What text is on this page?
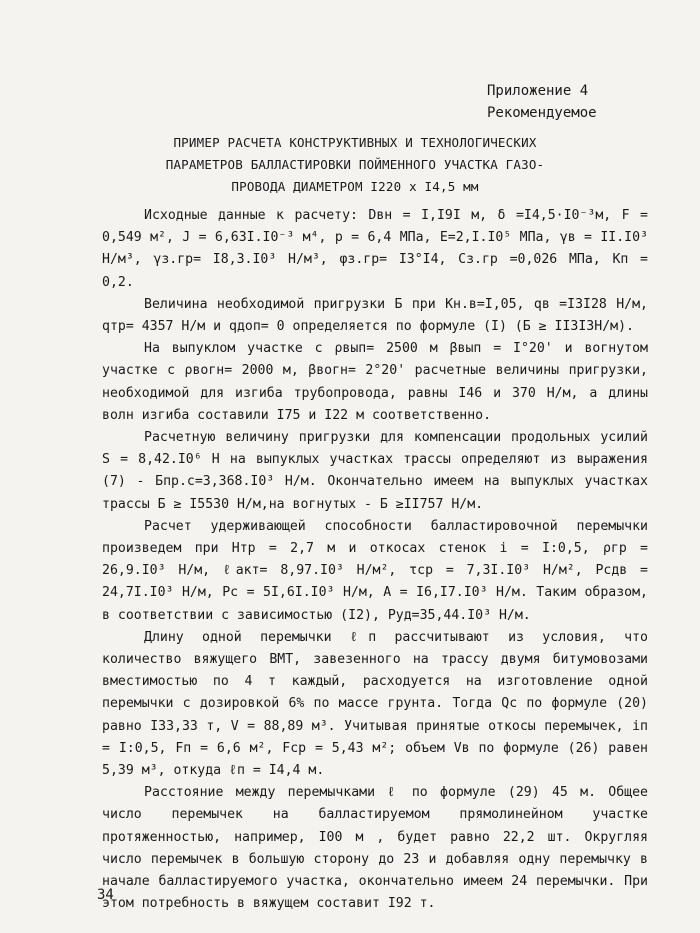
Приложение 4
Рекомендуемое
ПРИМЕР РАСЧЕТА КОНСТРУКТИВНЫХ И ТЕХНОЛОГИЧЕСКИХ
ПАРАМЕТРОВ БАЛЛАСТИРОВКИ ПОЙМЕННОГО УЧАСТКА ГАЗО-
ПРОВОДА ДИАМЕТРОМ I220 x I4,5 мм

Исходные данные к расчету: Dвн = I,I9I м, δ =I4,5·I0⁻³м, F = 0,549 м², J = 6,63I.I0⁻³ м⁴, p = 6,4 МПа, E=2,I.I0⁵ МПа, γв = II.I0³ Н/м³, γз.гр= I8,3.I0³ Н/м³, φз.гр= I3°I4, Cз.гр =0,026 МПа, Kп = 0,2.

Величина необходимой пригрузки Б при Кн.в=I,05, qв =I3I28 Н/м, qтр= 4357 Н/м и qдоп= 0 определяется по формуле (I) (Б ≥ II3I3Н/м).

На выпуклом участке с ρвып= 2500 м βвып = I°20' и вогнутом участке с ρвогн= 2000 м, βвогн= 2°20' расчетные величины пригрузки, необходимой для изгиба трубопровода, равны I46 и 370 Н/м, а длины волн изгиба составили I75 и I22 м соответственно.

Расчетную величину пригрузки для компенсации продольных усилий S = 8,42.I0⁶ Н на выпуклых участках трассы определяют из выражения (7) - Бпр.с=3,368.I0³ Н/м. Окончательно имеем на выпуклых участках трассы Б ≥ I5530 Н/м,на вогнутых - Б ≥II757 Н/м.

Расчет удерживающей способности балластировочной перемычки произведем при Hтр = 2,7 м и откосах стенок i = I:0,5, ρгр = 26,9.I0³ Н/м, ℓакт= 8,97.I0³ Н/м², τср = 7,3I.I0³ Н/м², Pсдв = 24,7I.I0³ Н/м, Pc = 5I,6I.I0³ Н/м, A = I6,I7.I0³ Н/м. Таким образом, в соответствии с зависимостью (I2), Pуд=35,44.I0³ Н/м.

Длину одной перемычки ℓп рассчитывают из условия, что количество вяжущего ВМТ, завезенного на трассу двумя битумовозами вместимостью по 4 т каждый, расходуется на изготовление одной перемычки с дозировкой 6% по массе грунта. Тогда Qc по формуле (20) равно I33,33 т, V = 88,89 м³. Учитывая принятые откосы перемычек, iп = I:0,5, Fп = 6,6 м², Fср = 5,43 м²; объем Vв по формуле (26) равен 5,39 м³, откуда ℓп = I4,4 м.

Расстояние между перемычками ℓ по формуле (29) 45 м. Общее число перемычек на балластируемом прямолинейном участке протяженностью, например, I00 м , будет равно 22,2 шт. Округляя число перемычек в большую сторону до 23 и добавляя одну перемычку в начале балластируемого участка, окончательно имеем 24 перемычки. При этом потребность в вяжущем составит I92 т.

34
